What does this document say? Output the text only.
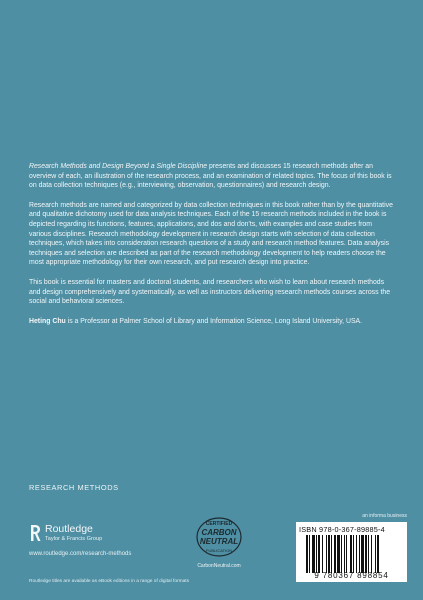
Research Methods and Design Beyond a Single Discipline presents and discusses 15 research methods after an overview of each, an illustration of the research process, and an examination of related topics. The focus of this book is on data collection techniques (e.g., interviewing, observation, questionnaires) and research design.

Research methods are named and categorized by data collection techniques in this book rather than by the quantitative and qualitative dichotomy used for data analysis techniques. Each of the 15 research methods included in the book is depicted regarding its functions, features, applications, and dos and don'ts, with examples and case studies from various disciplines. Research methodology development in research design starts with selection of data collection techniques, which takes into consideration research questions of a study and research method features. Data analysis techniques and selection are described as part of the research methodology development to help readers choose the most appropriate methodology for their own research, and put research design into practice.

This book is essential for masters and doctoral students, and researchers who wish to learn about research methods and design comprehensively and systematically, as well as instructors delivering research methods courses across the social and behavioral sciences.

Heting Chu is a Professor at Palmer School of Library and Information Science, Long Island University, USA.

RESEARCH METHODS
Routledge
Taylor & Francis Group
www.routledge.com/research-methods
CERTIFIED
CARBON
NEUTRAL
PUBLICATION
CarbonNeutral.com
an informa business
ISBN 978-0-367-89885-4
9 780367 898854
Routledge titles are available as eBook editions in a range of digital formats
